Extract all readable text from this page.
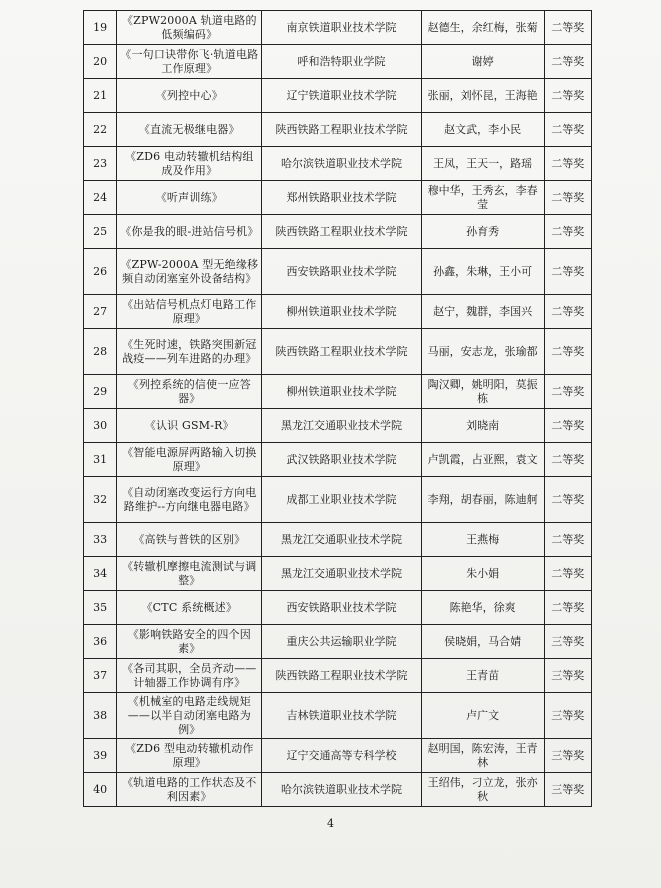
19	《ZPW2000A 轨道电路的低频编码》	南京铁道职业技术学院	赵德生，余红梅，张菊	二等奖
20	《一句口诀带你飞·轨道电路工作原理》	呼和浩特职业学院	谢婷	二等奖
21	《列控中心》	辽宁铁道职业技术学院	张丽，刘怀昆，王海艳	二等奖
22	《直流无极继电器》	陕西铁路工程职业技术学院	赵文武，李小民	二等奖
23	《ZD6 电动转辙机结构组成及作用》	哈尔滨铁道职业技术学院	王凤，王天一，路瑶	二等奖
24	《听声训练》	郑州铁路职业技术学院	穆中华，王秀玄，李春莹	二等奖
25	《你是我的眼-进站信号机》	陕西铁路工程职业技术学院	孙育秀	二等奖
26	《ZPW-2000A 型无绝缘移频自动闭塞室外设备结构》	西安铁路职业技术学院	孙鑫，朱琳，王小可	二等奖
27	《出站信号机点灯电路工作原理》	柳州铁道职业技术学院	赵宁，魏群，李国兴	二等奖
28	《生死时速，铁路突围新冠战疫——列车进路的办理》	陕西铁路工程职业技术学院	马丽，安志龙，张瑜都	二等奖
29	《列控系统的信使一应答器》	柳州铁道职业技术学院	陶汉卿，姚明阳，莫振栋	二等奖
30	《认识 GSM-R》	黑龙江交通职业技术学院	刘晓南	二等奖
31	《智能电源屏两路输入切换原理》	武汉铁路职业技术学院	卢凯霞，占亚熙，袁文	二等奖
32	《自动闭塞改变运行方向电路维护--方向继电器电路》	成都工业职业技术学院	李翔，胡春丽，陈迪舸	二等奖
33	《高铁与普铁的区别》	黑龙江交通职业技术学院	王燕梅	二等奖
34	《转辙机摩擦电流测试与调整》	黑龙江交通职业技术学院	朱小娟	二等奖
35	《CTC 系统概述》	西安铁路职业技术学院	陈艳华，徐爽	二等奖
36	《影响铁路安全的四个因素》	重庆公共运输职业学院	侯晓娟，马合婧	三等奖
37	《各司其职，全员齐动——计轴器工作协调有序》	陕西铁路工程职业技术学院	王青苗	三等奖
38	《机械室的电路走线规矩——以半自动闭塞电路为例》	吉林铁道职业技术学院	卢广文	三等奖
39	《ZD6 型电动转辙机动作原理》	辽宁交通高等专科学校	赵明国，陈宏涛，王青林	三等奖
40	《轨道电路的工作状态及不利因素》	哈尔滨铁道职业技术学院	王绍伟，刁立龙，张亦秋	三等奖
4
